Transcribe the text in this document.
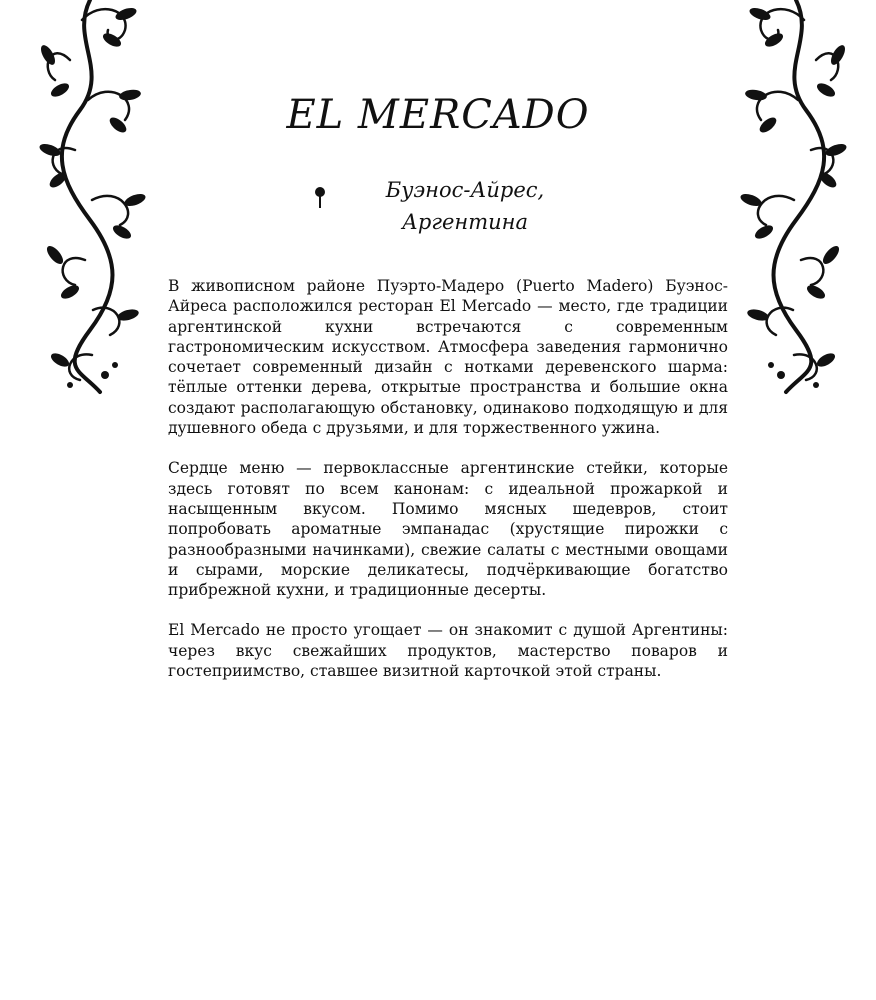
EL MERCADO
Буэнос-Айрес,
Аргентина

В живописном районе Пуэрто-Мадеро (Puerto Madero) Буэнос-Айреса расположился ресторан El Mercado — место, где традиции аргентинской кухни встречаются с современным гастрономическим искусством. Атмосфера заведения гармонично сочетает современный дизайн с нотками деревенского шарма: тёплые оттенки дерева, открытые пространства и большие окна создают располагающую обстановку, одинаково подходящую и для душевного обеда с друзьями, и для торжественного ужина.

Сердце меню — первоклассные аргентинские стейки, которые здесь готовят по всем канонам: с идеальной прожаркой и насыщенным вкусом. Помимо мясных шедевров, стоит попробовать ароматные эмпанадас (хрустящие пирожки с разнообразными начинками), свежие салаты с местными овощами и сырами, морские деликатесы, подчёркивающие богатство прибрежной кухни, и традиционные десерты.

El Mercado не просто угощает — он знакомит с душой Аргентины: через вкус свежайших продуктов, мастерство поваров и гостеприимство, ставшее визитной карточкой этой страны.
